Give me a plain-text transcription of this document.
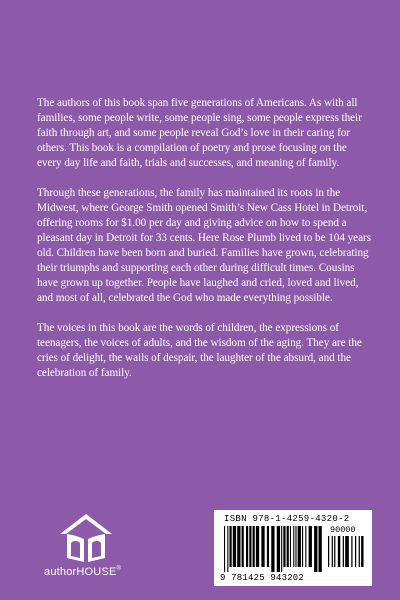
The authors of this book span five generations of Americans. As with all families, some people write, some people sing, some people express their faith through art, and some people reveal God’s love in their caring for others. This book is a compilation of poetry and prose focusing on the every day life and faith, trials and successes, and meaning of family.

Through these generations, the family has maintained its roots in the Midwest, where George Smith opened Smith’s New Cass Hotel in Detroit, offering rooms for $1.00 per day and giving advice on how to spend a pleasant day in Detroit for 33 cents. Here Rose Plumb lived to be 104 years old. Children have been born and buried. Families have grown, celebrating their triumphs and supporting each other during difficult times. Cousins have grown up together. People have laughed and cried, loved and lived, and most of all, celebrated the God who made everything possible.

The voices in this book are the words of children, the expressions of teenagers, the voices of adults, and the wisdom of the aging. They are the cries of delight, the wails of despair, the laughter of the absurd, and the celebration of family.

authorHOUSE®
ISBN 978-1-4259-4320-2
90000
9 781425 943202
